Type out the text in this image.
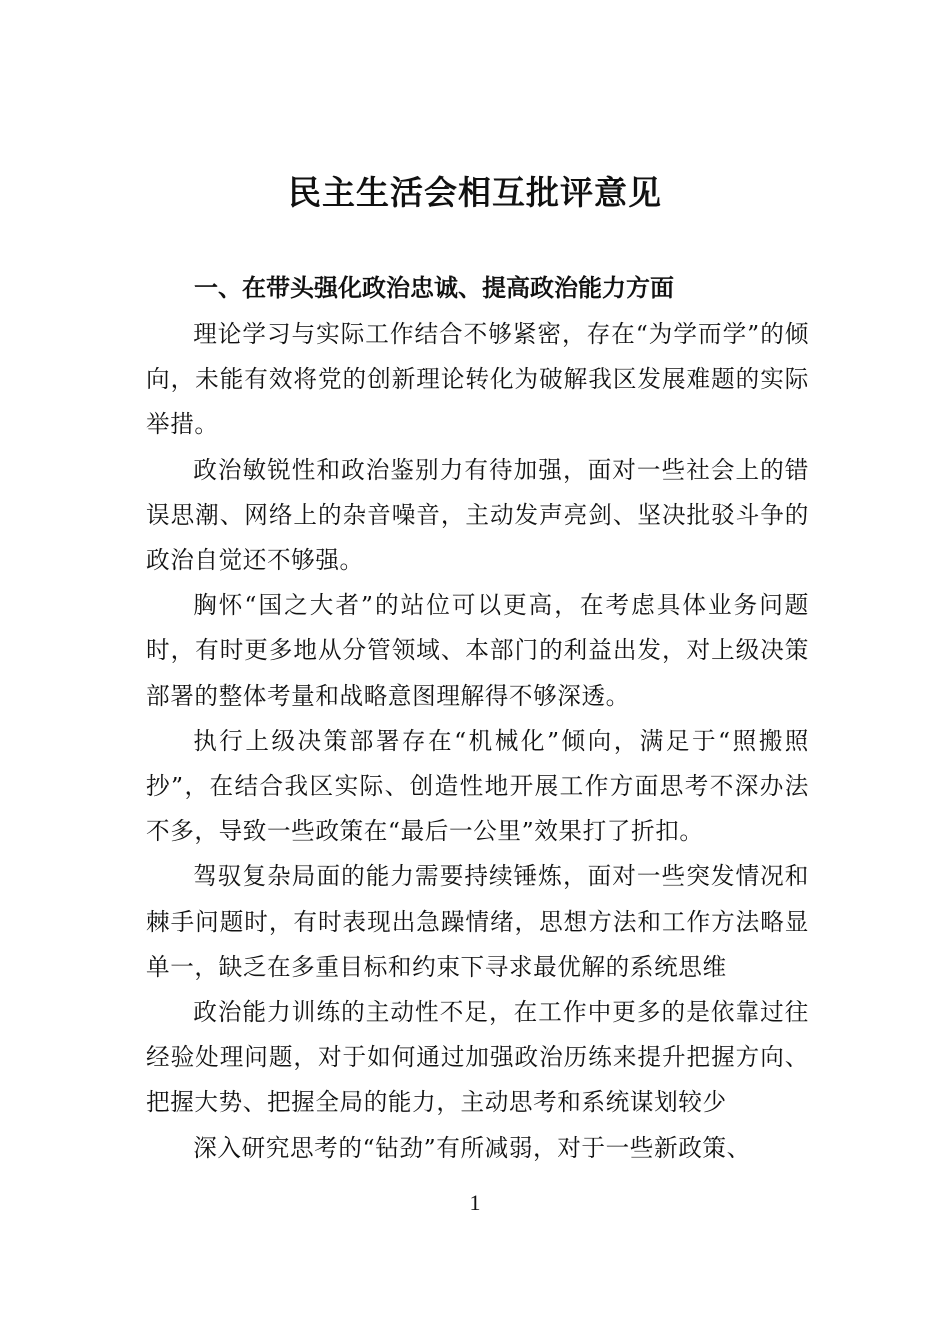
民主生活会相互批评意见
一、在带头强化政治忠诚、提高政治能力方面

理论学习与实际工作结合不够紧密，存在“为学而学”的倾向，未能有效将党的创新理论转化为破解我区发展难题的实际举措。

政治敏锐性和政治鉴别力有待加强，面对一些社会上的错误思潮、网络上的杂音噪音，主动发声亮剑、坚决批驳斗争的政治自觉还不够强。

胸怀“国之大者”的站位可以更高，在考虑具体业务问题时，有时更多地从分管领域、本部门的利益出发，对上级决策部署的整体考量和战略意图理解得不够深透。

执行上级决策部署存在“机械化”倾向，满足于“照搬照抄”，在结合我区实际、创造性地开展工作方面思考不深办法不多，导致一些政策在“最后一公里”效果打了折扣。

驾驭复杂局面的能力需要持续锤炼，面对一些突发情况和棘手问题时，有时表现出急躁情绪，思想方法和工作方法略显单一，缺乏在多重目标和约束下寻求最优解的系统思维

政治能力训练的主动性不足，在工作中更多的是依靠过往经验处理问题，对于如何通过加强政治历练来提升把握方向、把握大势、把握全局的能力，主动思考和系统谋划较少

深入研究思考的“钻劲”有所减弱，对于一些新政策、

1
